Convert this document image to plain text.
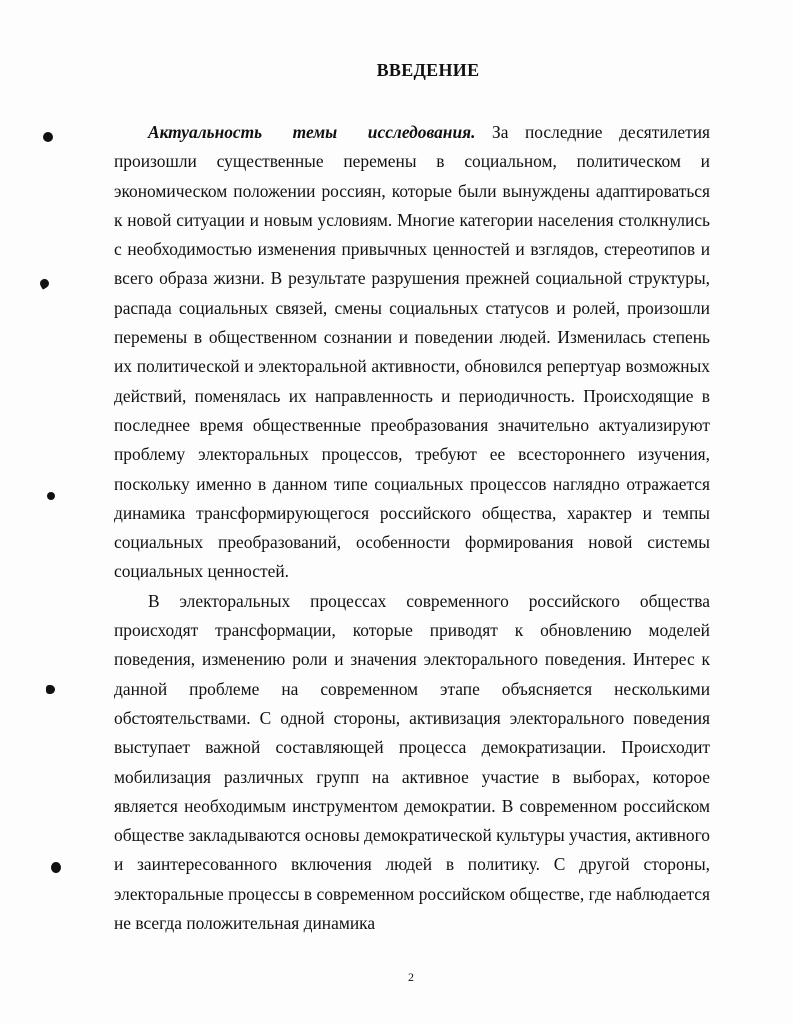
ВВЕДЕНИЕ

Актуальность темы исследования. За последние десятилетия произошли существенные перемены в социальном, политическом и экономическом положении россиян, которые были вынуждены адаптироваться к новой ситуации и новым условиям. Многие категории населения столкнулись с необходимостью изменения привычных ценностей и взглядов, стереотипов и всего образа жизни. В результате разрушения прежней социальной структуры, распада социальных связей, смены социальных статусов и ролей, произошли перемены в общественном сознании и поведении людей. Изменилась степень их политической и электоральной активности, обновился репертуар возможных действий, поменялась их направленность и периодичность. Происходящие в последнее время общественные преобразования значительно актуализируют проблему электоральных процессов, требуют ее всестороннего изучения, поскольку именно в данном типе социальных процессов наглядно отражается динамика трансформирующегося российского общества, характер и темпы социальных преобразований, особенности формирования новой системы социальных ценностей.

В электоральных процессах современного российского общества происходят трансформации, которые приводят к обновлению моделей поведения, изменению роли и значения электорального поведения. Интерес к данной проблеме на современном этапе объясняется несколькими обстоятельствами. С одной стороны, активизация электорального поведения выступает важной составляющей процесса демократизации. Происходит мобилизация различных групп на активное участие в выборах, которое является необходимым инструментом демократии. В современном российском обществе закладываются основы демократической культуры участия, активного и заинтересованного включения людей в политику. С другой стороны, электоральные процессы в современном российском обществе, где наблюдается не всегда положительная динамика

2
